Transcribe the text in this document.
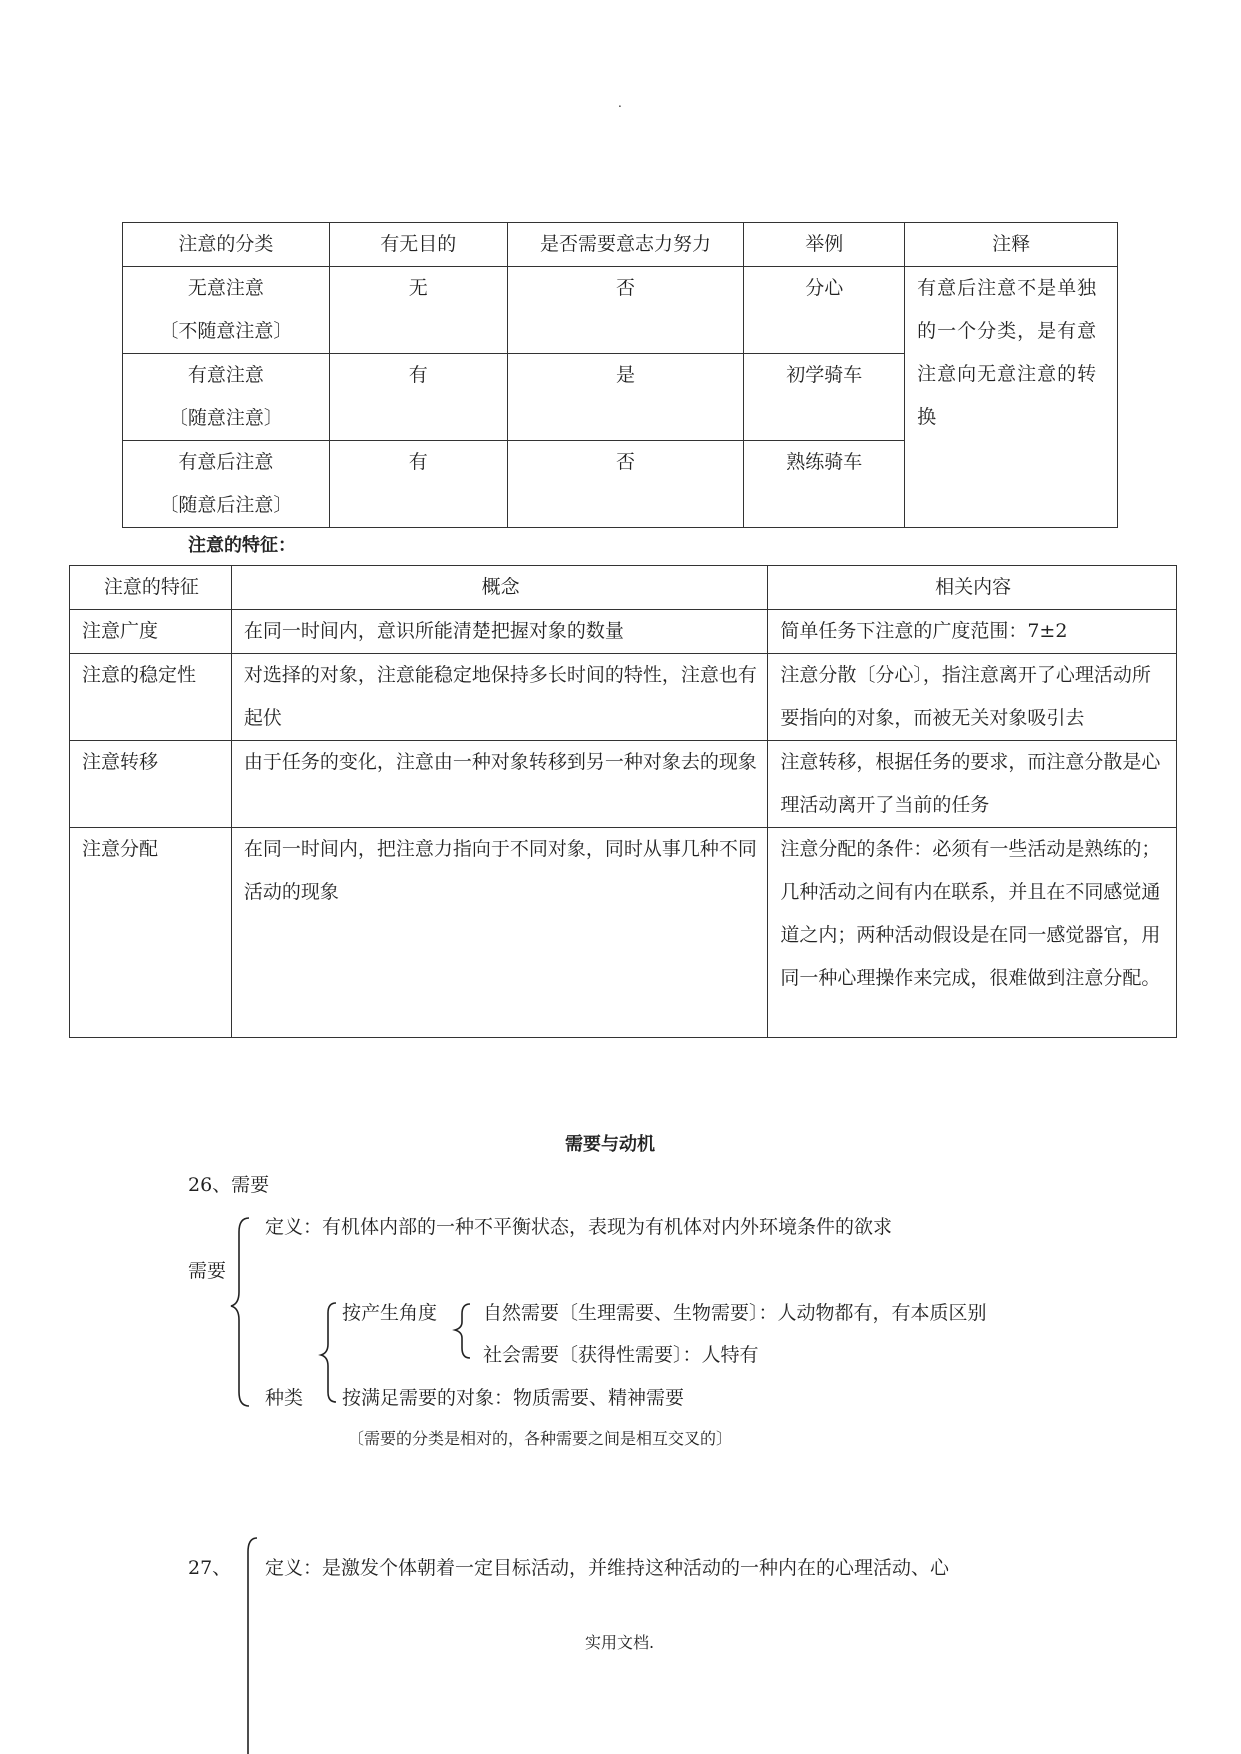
.
注意的分类	有无目的	是否需要意志力努力	举例	注释

无意注意
〔不随意注意〕	无	否	分心	有意后注意不是单独的一个分类，是有意注意向无意注意的转换

有意注意
〔随意注意〕	有	是	初学骑车	

有意后注意
〔随意后注意〕	有	否	熟练骑车	
注意的特征：
注意的特征	概念	相关内容
注意广度	在同一时间内，意识所能清楚把握对象的数量	简单任务下注意的广度范围：7±2
注意的稳定性	对选择的对象，注意能稳定地保持多长时间的特性，注意也有起伏	注意分散〔分心〕，指注意离开了心理活动所要指向的对象，而被无关对象吸引去
注意转移	由于任务的变化，注意由一种对象转移到另一种对象去的现象	注意转移，根据任务的要求，而注意分散是心理活动离开了当前的任务
注意分配	在同一时间内，把注意力指向于不同对象，同时从事几种不同活动的现象	注意分配的条件：必须有一些活动是熟练的；几种活动之间有内在联系，并且在不同感觉通道之内；两种活动假设是在同一感觉器官，用同一种心理操作来完成，很难做到注意分配。
需要与动机
26、需要
需要
定义：有机体内部的一种不平衡状态，表现为有机体对内外环境条件的欲求
按产生角度 自然需要〔生理需要、生物需要〕：人动物都有，有本质区别
社会需要〔获得性需要〕：人特有
种类 按满足需要的对象：物质需要、精神需要
〔需要的分类是相对的，各种需要之间是相互交叉的〕
27、 定义：是激发个体朝着一定目标活动，并维持这种活动的一种内在的心理活动、心
实用文档.
